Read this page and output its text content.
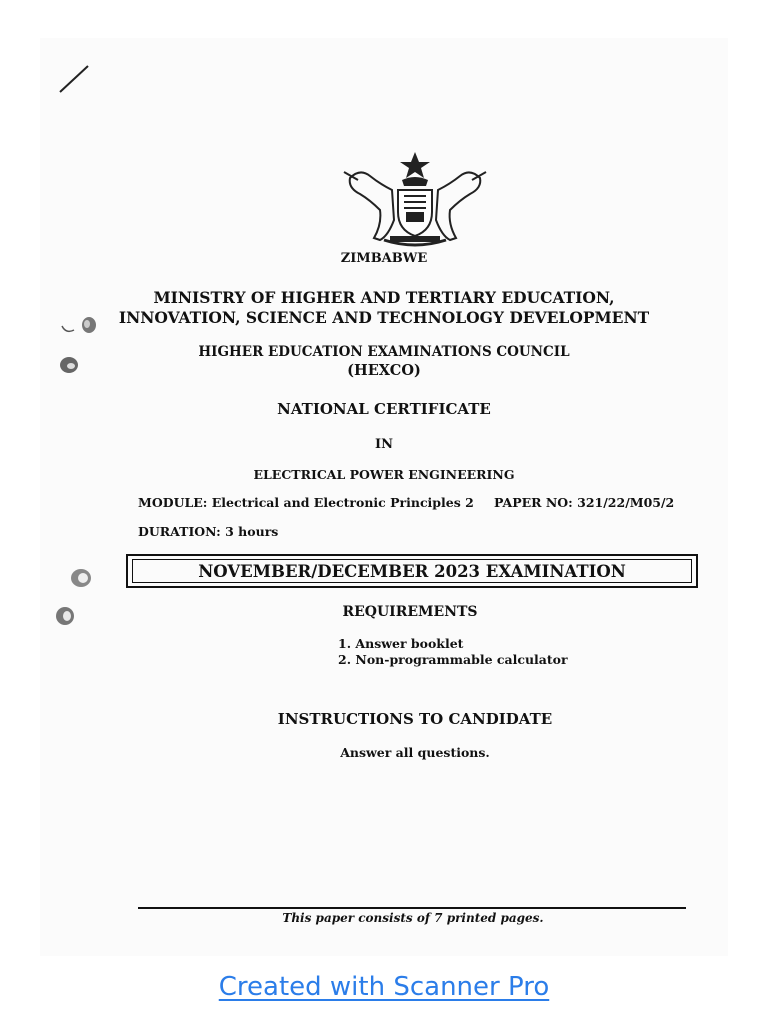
ZIMBABWE
MINISTRY OF HIGHER AND TERTIARY EDUCATION,
INNOVATION, SCIENCE AND TECHNOLOGY DEVELOPMENT
HIGHER EDUCATION EXAMINATIONS COUNCIL
(HEXCO)
NATIONAL CERTIFICATE
IN
ELECTRICAL POWER ENGINEERING
MODULE: Electrical and Electronic Principles 2 PAPER NO: 321/22/M05/2
DURATION: 3 hours
NOVEMBER/DECEMBER 2023 EXAMINATION
REQUIREMENTS
1. Answer booklet
2. Non-programmable calculator
INSTRUCTIONS TO CANDIDATE
Answer all questions.
This paper consists of 7 printed pages.
Created with Scanner Pro
